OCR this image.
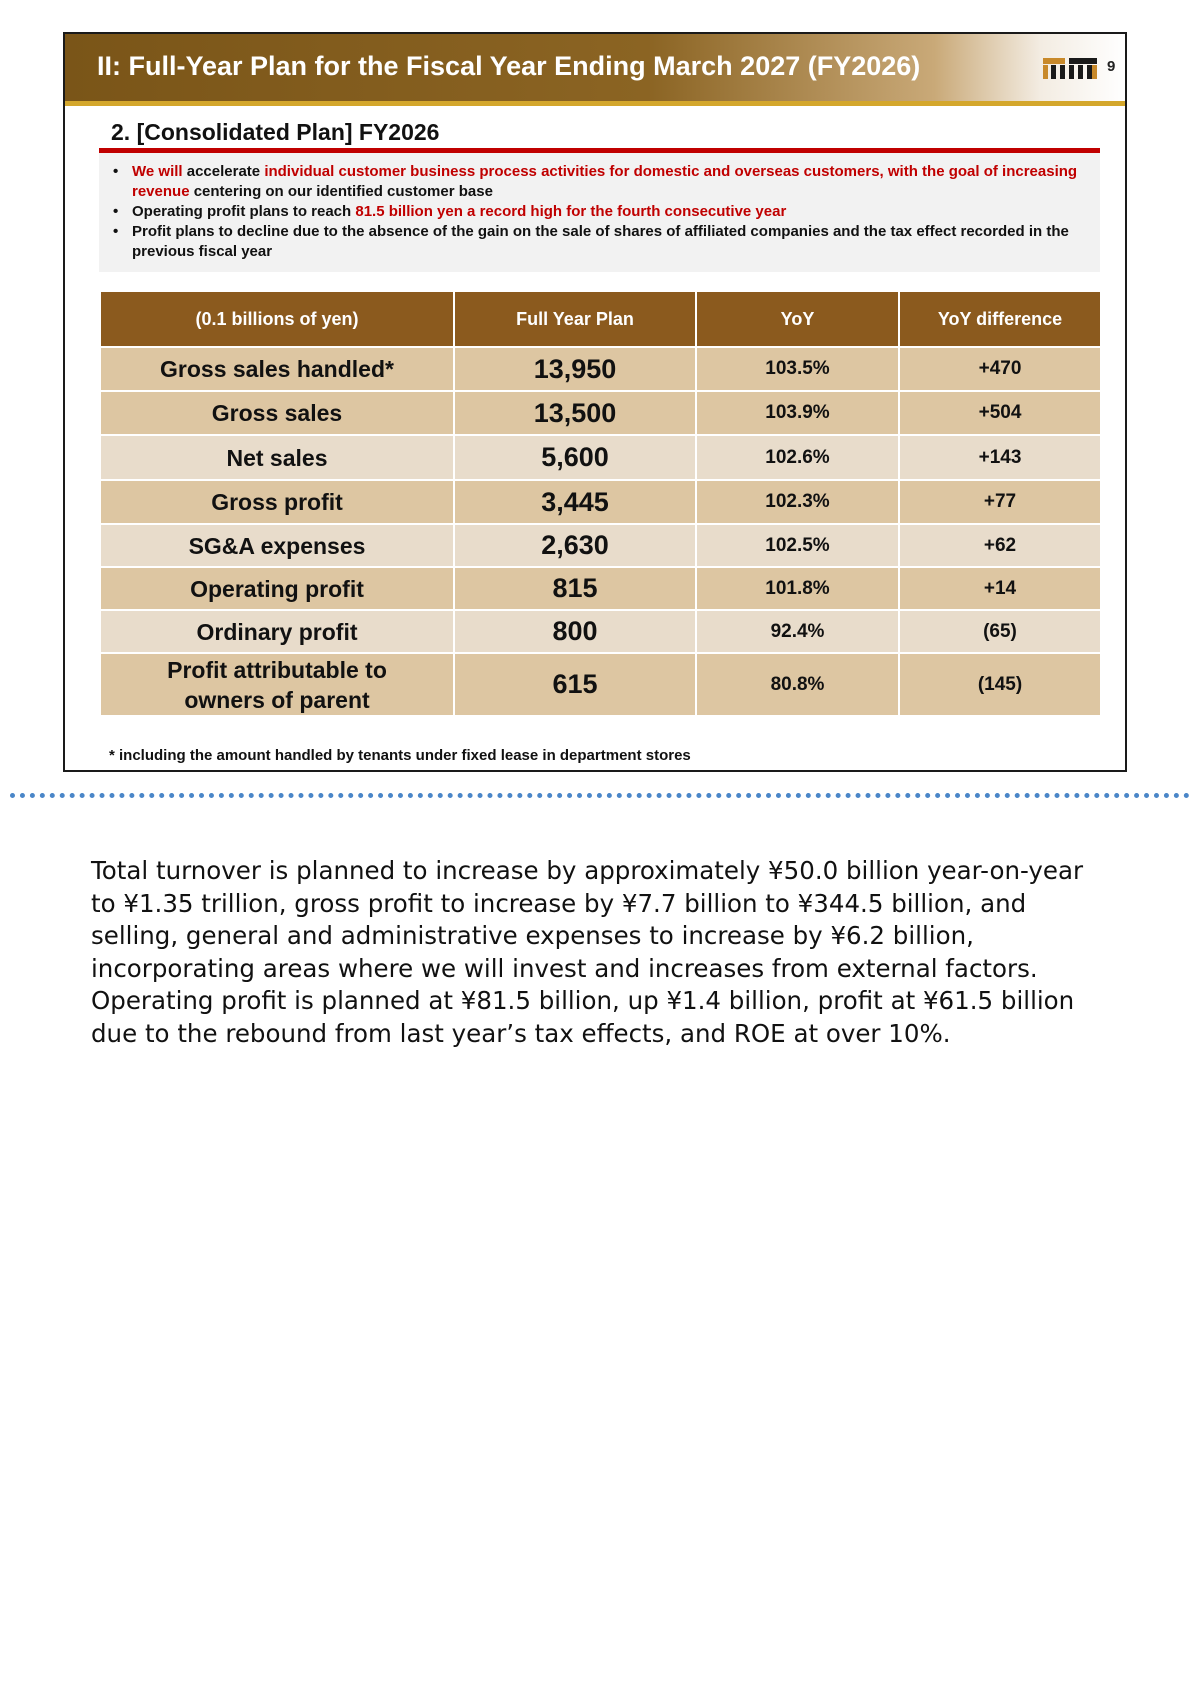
II: Full-Year Plan for the Fiscal Year Ending March 2027 (FY2026)	9
2. [Consolidated Plan] FY2026
• We will accelerate individual customer business process activities for domestic and overseas customers, with the goal of increasing revenue centering on our identified customer base
• Operating profit plans to reach 81.5 billion yen a record high for the fourth consecutive year
• Profit plans to decline due to the absence of the gain on the sale of shares of affiliated companies and the tax effect recorded in the previous fiscal year
(0.1 billions of yen)	Full Year Plan	YoY	YoY difference
Gross sales handled*	13,950	103.5%	+470
Gross sales	13,500	103.9%	+504
Net sales	5,600	102.6%	+143
Gross profit	3,445	102.3%	+77
SG&A expenses	2,630	102.5%	+62
Operating profit	815	101.8%	+14
Ordinary profit	800	92.4%	(65)
Profit attributable to owners of parent	615	80.8%	(145)
* including the amount handled by tenants under fixed lease in department stores
Total turnover is planned to increase by approximately ¥50.0 billion year-on-year to ¥1.35 trillion, gross profit to increase by ¥7.7 billion to ¥344.5 billion, and selling, general and administrative expenses to increase by ¥6.2 billion, incorporating areas where we will invest and increases from external factors. Operating profit is planned at ¥81.5 billion, up ¥1.4 billion, profit at ¥61.5 billion due to the rebound from last year’s tax effects, and ROE at over 10%.
